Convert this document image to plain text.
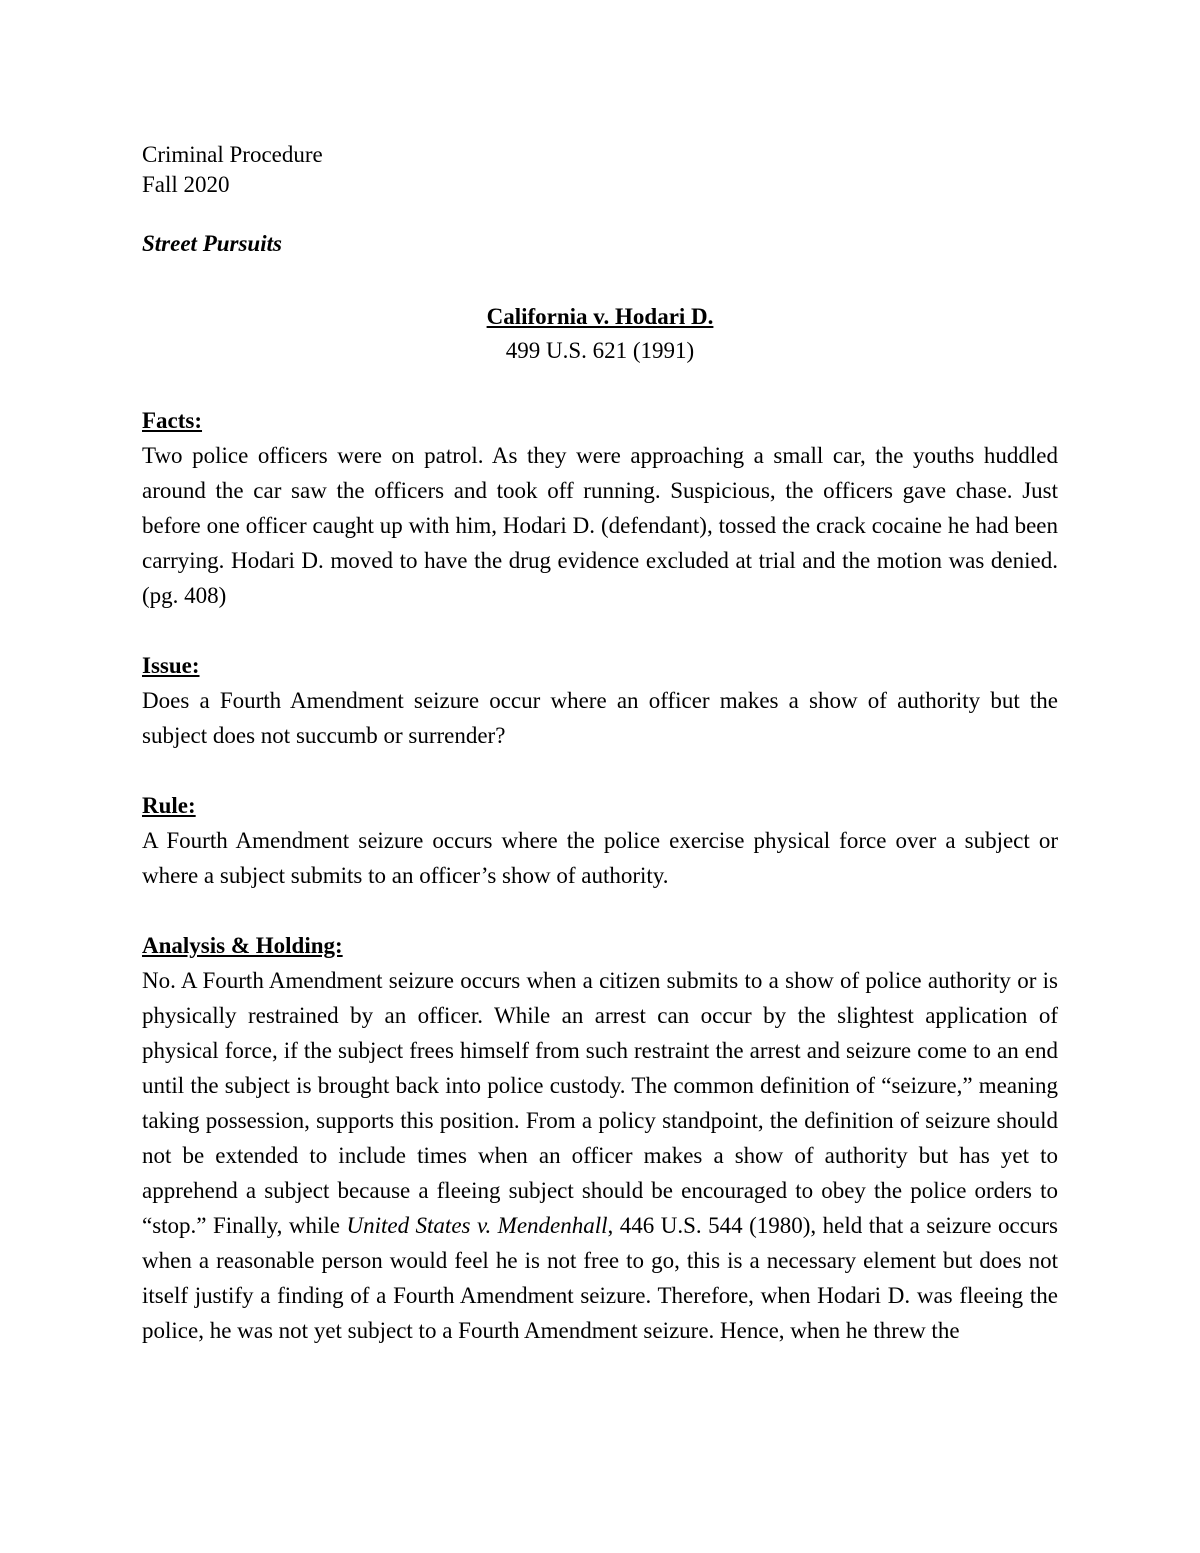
Criminal Procedure
Fall 2020
Street Pursuits
California v. Hodari D.
499 U.S. 621 (1991)
Facts:

Two police officers were on patrol. As they were approaching a small car, the youths huddled around the car saw the officers and took off running. Suspicious, the officers gave chase. Just before one officer caught up with him, Hodari D. (defendant), tossed the crack cocaine he had been carrying. Hodari D. moved to have the drug evidence excluded at trial and the motion was denied. (pg. 408)

Issue:

Does a Fourth Amendment seizure occur where an officer makes a show of authority but the subject does not succumb or surrender?

Rule:

A Fourth Amendment seizure occurs where the police exercise physical force over a subject or where a subject submits to an officer’s show of authority.

Analysis & Holding:

No. A Fourth Amendment seizure occurs when a citizen submits to a show of police authority or is physically restrained by an officer. While an arrest can occur by the slightest application of physical force, if the subject frees himself from such restraint the arrest and seizure come to an end until the subject is brought back into police custody. The common definition of “seizure,” meaning taking possession, supports this position. From a policy standpoint, the definition of seizure should not be extended to include times when an officer makes a show of authority but has yet to apprehend a subject because a fleeing subject should be encouraged to obey the police orders to “stop.” Finally, while United States v. Mendenhall, 446 U.S. 544 (1980), held that a seizure occurs when a reasonable person would feel he is not free to go, this is a necessary element but does not itself justify a finding of a Fourth Amendment seizure. Therefore, when Hodari D. was fleeing the police, he was not yet subject to a Fourth Amendment seizure. Hence, when he threw the
